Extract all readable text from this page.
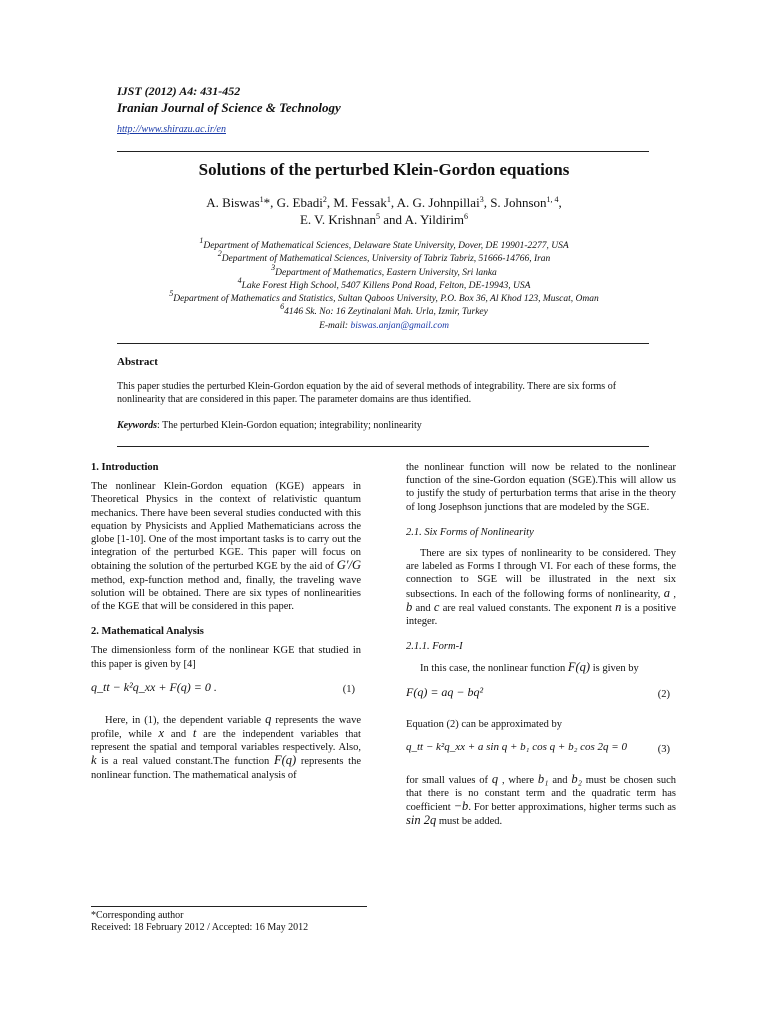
IJST (2012) A4: 431-452
Iranian Journal of Science & Technology
http://www.shirazu.ac.ir/en
Solutions of the perturbed Klein-Gordon equations
A. Biswas$^1$*, G. Ebadi$^2$, M. Fessak$^1$, A. G. Johnpillai$^3$, S. Johnson$^{1, 4}$,
E. V. Krishnan$^5$ and A. Yildirim$^6$
$^1$Department of Mathematical Sciences, Delaware State University, Dover, DE 19901-2277, USA
$^2$Department of Mathematical Sciences, University of Tabriz Tabriz, 51666-14766, Iran
$^3$Department of Mathematics, Eastern University, Sri lanka
$^4$Lake Forest High School, 5407 Killens Pond Road, Felton, DE-19943, USA
$^5$Department of Mathematics and Statistics, Sultan Qaboos University, P.O. Box 36, Al Khod 123, Muscat, Oman
$^6$4146 Sk. No: 16 Zeytinalani Mah. Urla, Izmir, Turkey
E-mail: biswas.anjan@gmail.com
Abstract
This paper studies the perturbed Klein-Gordon equation by the aid of several methods of integrability. There are six forms of nonlinearity that are considered in this paper. The parameter domains are thus identified.
Keywords: The perturbed Klein-Gordon equation; integrability; nonlinearity
1. Introduction

The nonlinear Klein-Gordon equation (KGE) appears in Theoretical Physics in the context of relativistic quantum mechanics. There have been several studies conducted with this equation by Physicists and Applied Mathematicians across the globe [1-10]. One of the most important tasks is to carry out the integration of the perturbed KGE. This paper will focus on obtaining the solution of the perturbed KGE by the aid of G′/G method, exp-function method and, finally, the traveling wave solution will be obtained. There are six types of nonlinearities of the KGE that will be considered in this paper.

2. Mathematical Analysis

The dimensionless form of the nonlinear KGE that studied in this paper is given by [4]

q_tt − k²q_xx + F(q) = 0 .	(1)

Here, in (1), the dependent variable q represents the wave profile, while x and t are the independent variables that represent the spatial and temporal variables respectively. Also, k is a real valued constant.The function F(q) represents the nonlinear function. The mathematical analysis of

*Corresponding author
Received: 18 February 2012 / Accepted: 16 May 2012

the nonlinear function will now be related to the nonlinear function of the sine-Gordon equation (SGE).This will allow us to justify the study of perturbation terms that arise in the theory of long Josephson junctions that are modeled by the SGE.

2.1. Six Forms of Nonlinearity

There are six types of nonlinearity to be considered. They are labeled as Forms I through VI. For each of these forms, the connection to SGE will be illustrated in the next six subsections. In each of the following forms of nonlinearity, a , b and c are real valued constants. The exponent n is a positive integer.

2.1.1. Form-I

In this case, the nonlinear function F(q) is given by

F(q) = aq − bq²	(2)

Equation (2) can be approximated by

q_tt − k²q_xx + a sin q + b₁ cos q + b₂ cos 2q = 0	(3)

for small values of q , where b₁ and b₂ must be chosen such that there is no constant term and the quadratic term has coefficient −b. For better approximations, higher terms such as sin 2q must be added.
